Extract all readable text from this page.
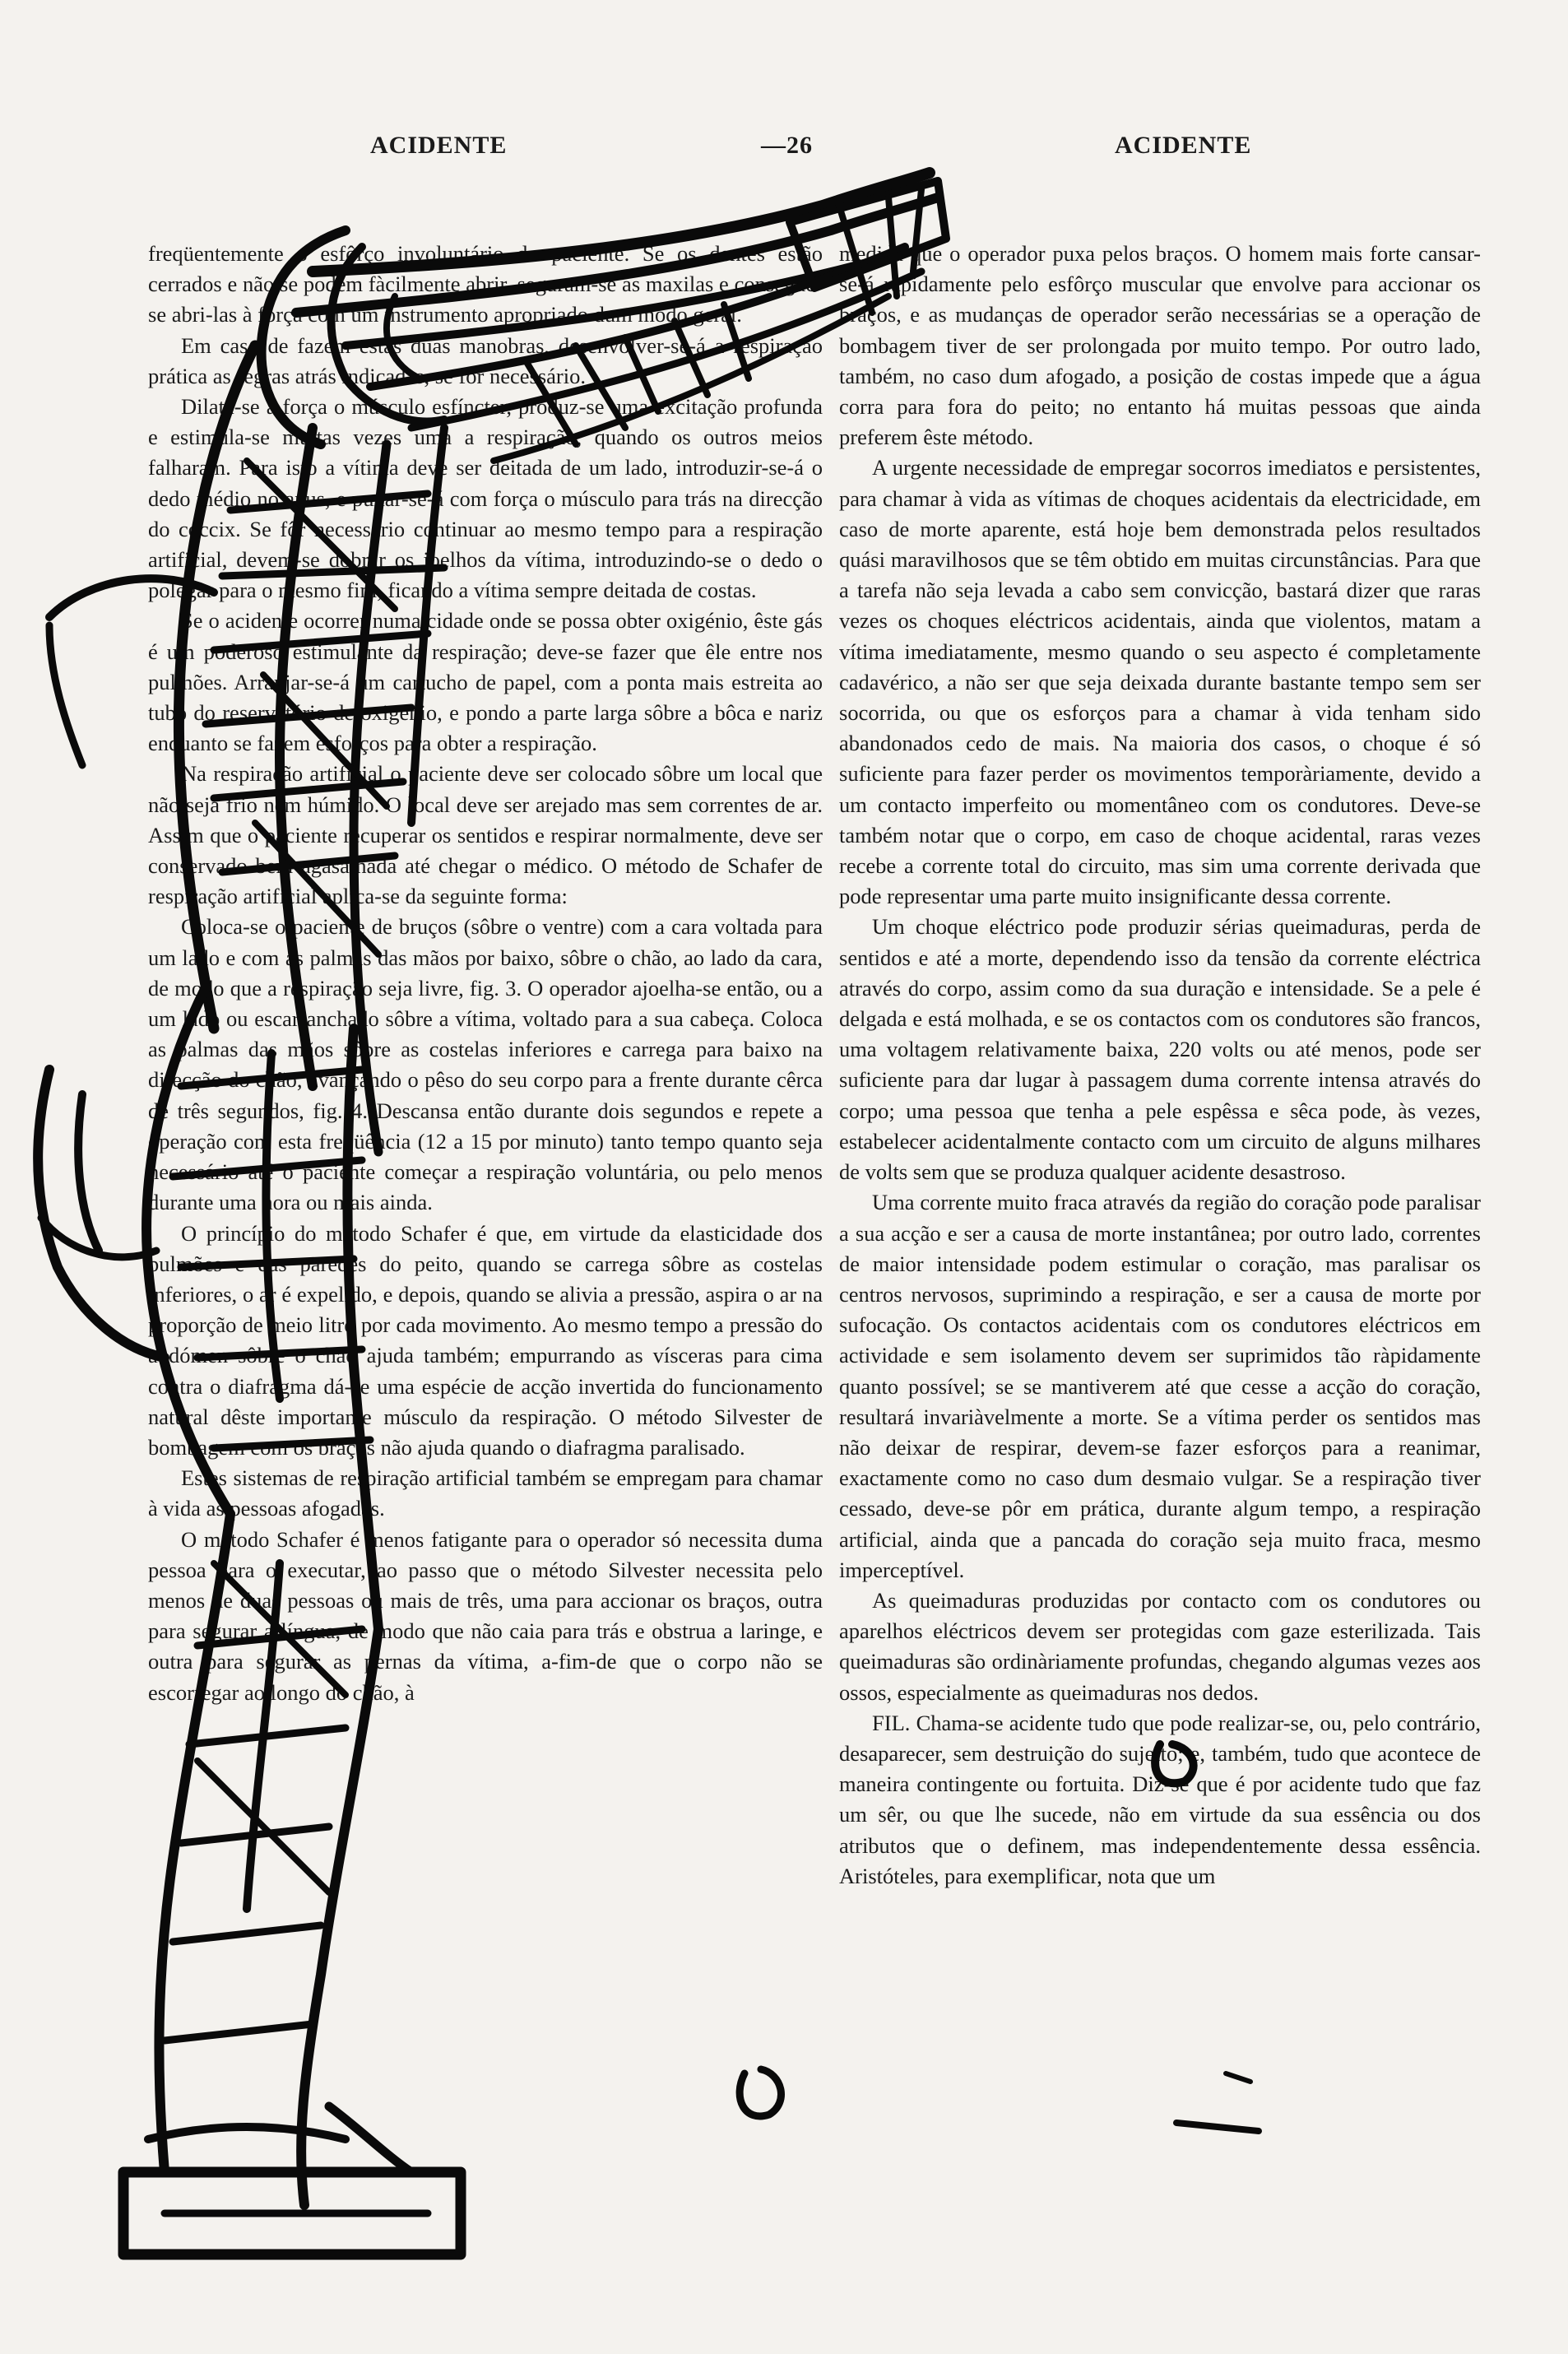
ACIDENTE	—26	ACIDENTE

freqüentemente o esfôrço involuntário do paciente. Se os dentes estão cerrados e não se podem fàcilmente abrir, seguram-se as maxilas e consegue-se abri-las à força com um instrumento apropriado dum modo geral.

Em caso de fazem estas duas manobras, desenvolver-se-á a respiração prática as regras atrás indicadas, se fôr necessário.

Dilata-se à força o músculo esfíncter, produz-se uma excitação profunda e estimula-se muitas vezes uma a respiração, quando os outros meios falharam. Para isto a vítima deve ser deitada de um lado, introduzir-se-á o dedo médio no anus, e puxar-se-á com força o músculo para trás na direcção do cóccix. Se fôr necessário continuar ao mesmo tempo para a respiração artificial, devem-se dobrar os joelhos da vítima, introduzindo-se o dedo o polegar para o mesmo fim, ficando a vítima sempre deitada de costas.

Se o acidente ocorrer numa cidade onde se possa obter oxigénio, êste gás é um poderoso estimulante da respiração; deve-se fazer que êle entre nos pulmões. Arranjar-se-á um cartucho de papel, com a ponta mais estreita ao tubo do reservatório de oxigénio, e pondo a parte larga sôbre a bôca e nariz enquanto se fazem esforços para obter a respiração.

Na respiração artificial o paciente deve ser colocado sôbre um local que não seja frio nem húmido. O local deve ser arejado mas sem correntes de ar. Assim que o paciente recuperar os sentidos e respirar normalmente, deve ser conservado bem agasalhada até chegar o médico. O método de Schafer de respiração artificial aplica-se da seguinte forma:

Coloca-se o paciente de bruços (sôbre o ventre) com a cara voltada para um lado e com as palmas das mãos por baixo, sôbre o chão, ao lado da cara, de modo que a respiração seja livre, fig. 3. O operador ajoelha-se então, ou a um lado ou escarranchado sôbre a vítima, voltado para a sua cabeça. Coloca as palmas das mãos sôbre as costelas inferiores e carrega para baixo na direcção do chão, avançando o pêso do seu corpo para a frente durante cêrca de três segundos, fig. 4. Descansa então durante dois segundos e repete a operação com esta freqüência (12 a 15 por minuto) tanto tempo quanto seja necessário até o paciente começar a respiração voluntária, ou pelo menos durante uma hora ou mais ainda.

O princípio do método Schafer é que, em virtude da elasticidade dos pulmões e das paredes do peito, quando se carrega sôbre as costelas inferiores, o ar é expelido, e depois, quando se alivia a pressão, aspira o ar na proporção de meio litro por cada movimento. Ao mesmo tempo a pressão do abdómen sôbre o chão ajuda também; empurrando as vísceras para cima contra o diafragma dá-se uma espécie de acção invertida do funcionamento natural dêste importante músculo da respiração. O método Silvester de bombagem com os braços não ajuda quando o diafragma paralisado.

Estes sistemas de respiração artificial também se empregam para chamar à vida as pessoas afogadas.

O método Schafer é menos fatigante para o operador só necessita duma pessoa para o executar, ao passo que o método Silvester necessita pelo menos de duas pessoas ou mais de três, uma para accionar os braços, outra para segurar a língua, de modo que não caia para trás e obstrua a laringe, e outra para segurar as pernas da vítima, a-fim-de que o corpo não se escorregar ao longo do chão, à

medida que o operador puxa pelos braços. O homem mais forte cansar-se-á ràpidamente pelo esfôrço muscular que envolve para accionar os braços, e as mudanças de operador serão necessárias se a operação de bombagem tiver de ser prolongada por muito tempo. Por outro lado, também, no caso dum afogado, a posição de costas impede que a água corra para fora do peito; no entanto há muitas pessoas que ainda preferem êste método.

A urgente necessidade de empregar socorros imediatos e persistentes, para chamar à vida as vítimas de choques acidentais da electricidade, em caso de morte aparente, está hoje bem demonstrada pelos resultados quási maravilhosos que se têm obtido em muitas circunstâncias. Para que a tarefa não seja levada a cabo sem convicção, bastará dizer que raras vezes os choques eléctricos acidentais, ainda que violentos, matam a vítima imediatamente, mesmo quando o seu aspecto é completamente cadavérico, a não ser que seja deixada durante bastante tempo sem ser socorrida, ou que os esforços para a chamar à vida tenham sido abandonados cedo de mais. Na maioria dos casos, o choque é só suficiente para fazer perder os movimentos temporàriamente, devido a um contacto imperfeito ou momentâneo com os condutores. Deve-se também notar que o corpo, em caso de choque acidental, raras vezes recebe a corrente total do circuito, mas sim uma corrente derivada que pode representar uma parte muito insignificante dessa corrente.

Um choque eléctrico pode produzir sérias queimaduras, perda de sentidos e até a morte, dependendo isso da tensão da corrente eléctrica através do corpo, assim como da sua duração e intensidade. Se a pele é delgada e está molhada, e se os contactos com os condutores são francos, uma voltagem relativamente baixa, 220 volts ou até menos, pode ser suficiente para dar lugar à passagem duma corrente intensa através do corpo; uma pessoa que tenha a pele espêssa e sêca pode, às vezes, estabelecer acidentalmente contacto com um circuito de alguns milhares de volts sem que se produza qualquer acidente desastroso.

Uma corrente muito fraca através da região do coração pode paralisar a sua acção e ser a causa de morte instantânea; por outro lado, correntes de maior intensidade podem estimular o coração, mas paralisar os centros nervosos, suprimindo a respiração, e ser a causa de morte por sufocação. Os contactos acidentais com os condutores eléctricos em actividade e sem isolamento devem ser suprimidos tão ràpidamente quanto possível; se se mantiverem até que cesse a acção do coração, resultará invariàvelmente a morte. Se a vítima perder os sentidos mas não deixar de respirar, devem-se fazer esforços para a reanimar, exactamente como no caso dum desmaio vulgar. Se a respiração tiver cessado, deve-se pôr em prática, durante algum tempo, a respiração artificial, ainda que a pancada do coração seja muito fraca, mesmo imperceptível.

As queimaduras produzidas por contacto com os condutores ou aparelhos eléctricos devem ser protegidas com gaze esterilizada. Tais queimaduras são ordinàriamente profundas, chegando algumas vezes aos ossos, especialmente as queimaduras nos dedos.

FIL. Chama-se acidente tudo que pode realizar-se, ou, pelo contrário, desaparecer, sem destruição do sujeito; e, também, tudo que acontece de maneira contingente ou fortuita. Diz-se que é por acidente tudo que faz um sêr, ou que lhe sucede, não em virtude da sua essência ou dos atributos que o definem, mas independentemente dessa essência. Aristóteles, para exemplificar, nota que um
